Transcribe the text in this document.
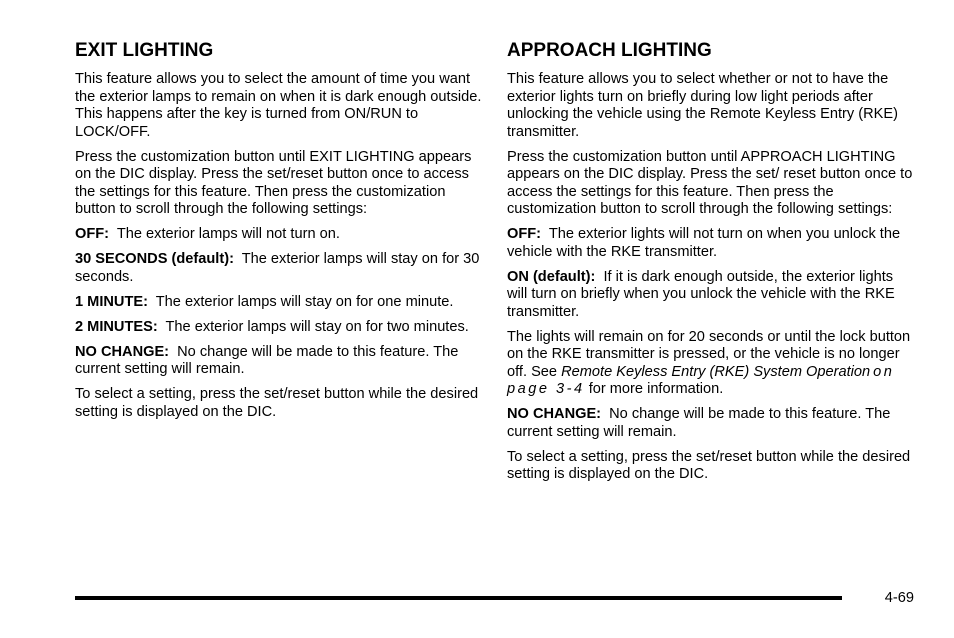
EXIT LIGHTING

This feature allows you to select the amount of time you want the exterior lamps to remain on when it is dark enough outside. This happens after the key is turned from ON/RUN to LOCK/OFF.

Press the customization button until EXIT LIGHTING appears on the DIC display. Press the set/reset button once to access the settings for this feature. Then press the customization button to scroll through the following settings:

OFF: The exterior lamps will not turn on.

30 SECONDS (default): The exterior lamps will stay on for 30 seconds.

1 MINUTE: The exterior lamps will stay on for one minute.

2 MINUTES: The exterior lamps will stay on for two minutes.

NO CHANGE: No change will be made to this feature. The current setting will remain.

To select a setting, press the set/reset button while the desired setting is displayed on the DIC.

APPROACH LIGHTING

This feature allows you to select whether or not to have the exterior lights turn on briefly during low light periods after unlocking the vehicle using the Remote Keyless Entry (RKE) transmitter.

Press the customization button until APPROACH LIGHTING appears on the DIC display. Press the set/ reset button once to access the settings for this feature. Then press the customization button to scroll through the following settings:

OFF: The exterior lights will not turn on when you unlock the vehicle with the RKE transmitter.

ON (default): If it is dark enough outside, the exterior lights will turn on briefly when you unlock the vehicle with the RKE transmitter.

The lights will remain on for 20 seconds or until the lock button on the RKE transmitter is pressed, or the vehicle is no longer off. See Remote Keyless Entry (RKE) System Operation on page 3-4 for more information.

NO CHANGE: No change will be made to this feature. The current setting will remain.

To select a setting, press the set/reset button while the desired setting is displayed on the DIC.

4-69
